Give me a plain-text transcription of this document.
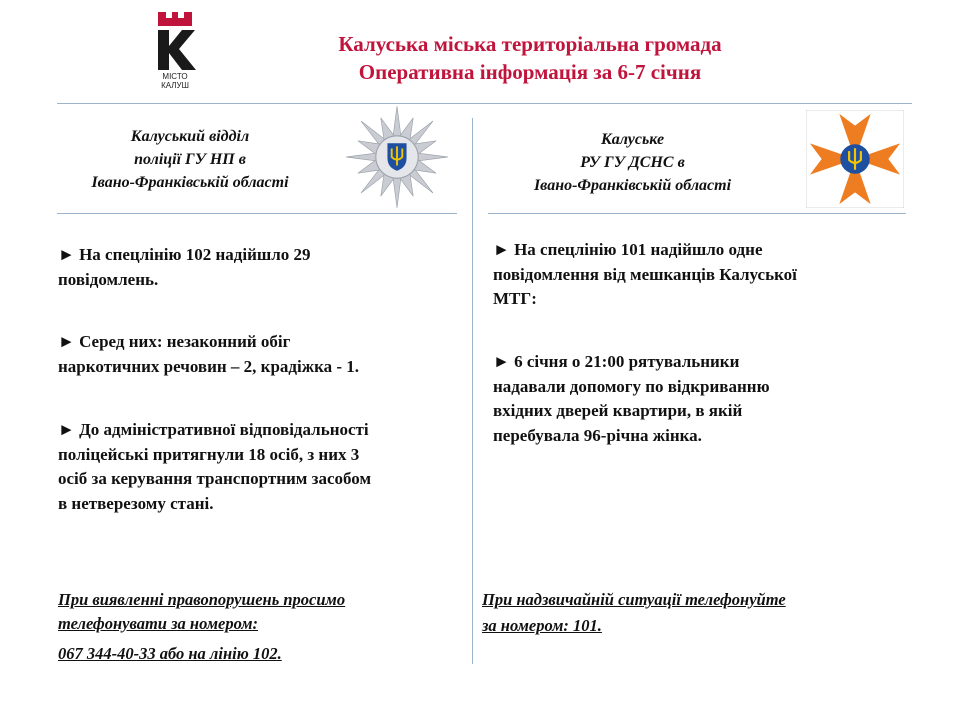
МІСТО
КАЛУШ
Калуська міська територіальна громада
Оперативна інформація за 6-7 січня
Калуський відділ
поліції ГУ НП в
Івано-Франківській області
Калуське
РУ ГУ ДСНС в
Івано-Франківській області
► На спецлінію 102 надійшло 29
повідомлень.
► Серед них: незаконний обіг
наркотичних речовин – 2, крадіжка - 1.
► До адміністративної відповідальності
поліцейські притягнули 18 осіб, з них 3
осіб за керування транспортним засобом
в нетверезому стані.
► На спецлінію 101 надійшло одне
повідомлення від мешканців Калуської
МТГ:
► 6 січня о 21:00 рятувальники
надавали допомогу по відкриванню
вхідних дверей квартири, в якій
перебувала 96-річна жінка.
При виявленні правопорушень просимо
телефонувати за номером:
067 344-40-33 або на лінію 102.
При надзвичайній ситуації телефонуйте
за номером: 101.
